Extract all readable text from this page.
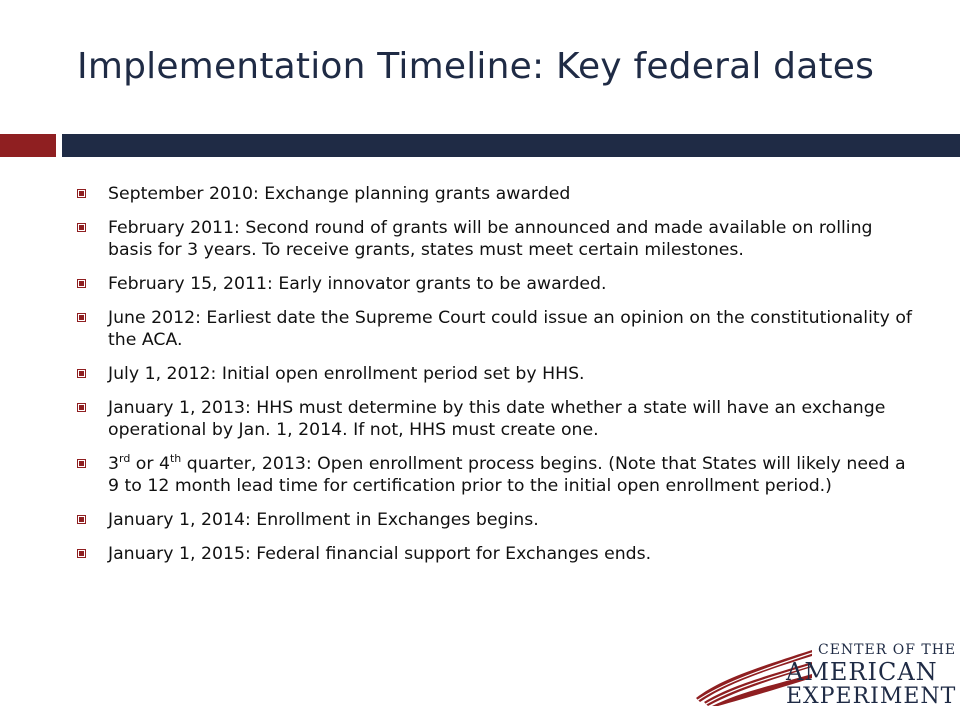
Implementation Timeline: Key federal dates
September 2010: Exchange planning grants awarded
February 2011: Second round of grants will be announced and made available on rolling basis for 3 years. To receive grants, states must meet certain milestones.
February 15, 2011: Early innovator grants to be awarded.
June 2012: Earliest date the Supreme Court could issue an opinion on the constitutionality of the ACA.
July 1, 2012: Initial open enrollment period set by HHS.
January 1, 2013: HHS must determine by this date whether a state will have an exchange operational by Jan. 1, 2014. If not, HHS must create one.
3rd or 4th quarter, 2013: Open enrollment process begins. (Note that States will likely need a 9 to 12 month lead time for certification prior to the initial open enrollment period.)
January 1, 2014: Enrollment in Exchanges begins.
January 1, 2015: Federal financial support for Exchanges ends.
CENTER OF THE
AMERICAN
EXPERIMENT
